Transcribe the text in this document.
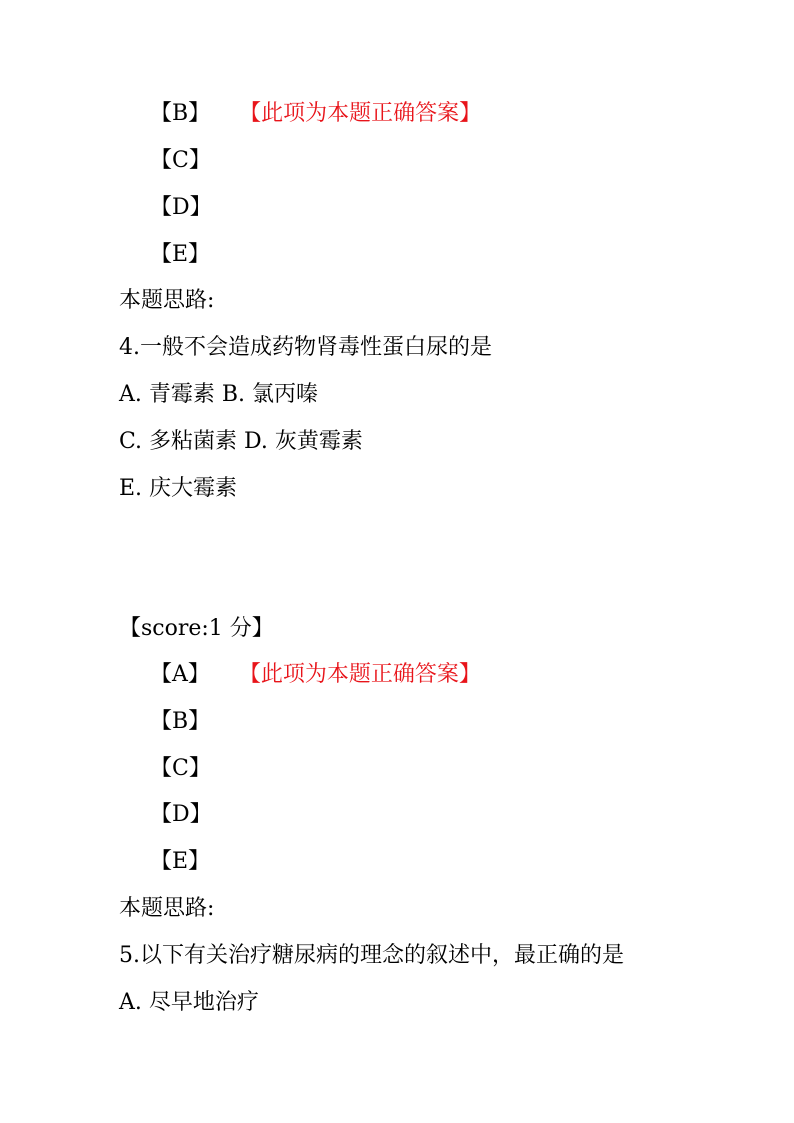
【B】 【此项为本题正确答案】
【C】
【D】
【E】
本题思路:
4.一般不会造成药物肾毒性蛋白尿的是
A. 青霉素 B. 氯丙嗪
C. 多粘菌素 D. 灰黄霉素
E. 庆大霉素
【score:1 分】
【A】 【此项为本题正确答案】
【B】
【C】
【D】
【E】
本题思路:
5.以下有关治疗糖尿病的理念的叙述中，最正确的是
A. 尽早地治疗
